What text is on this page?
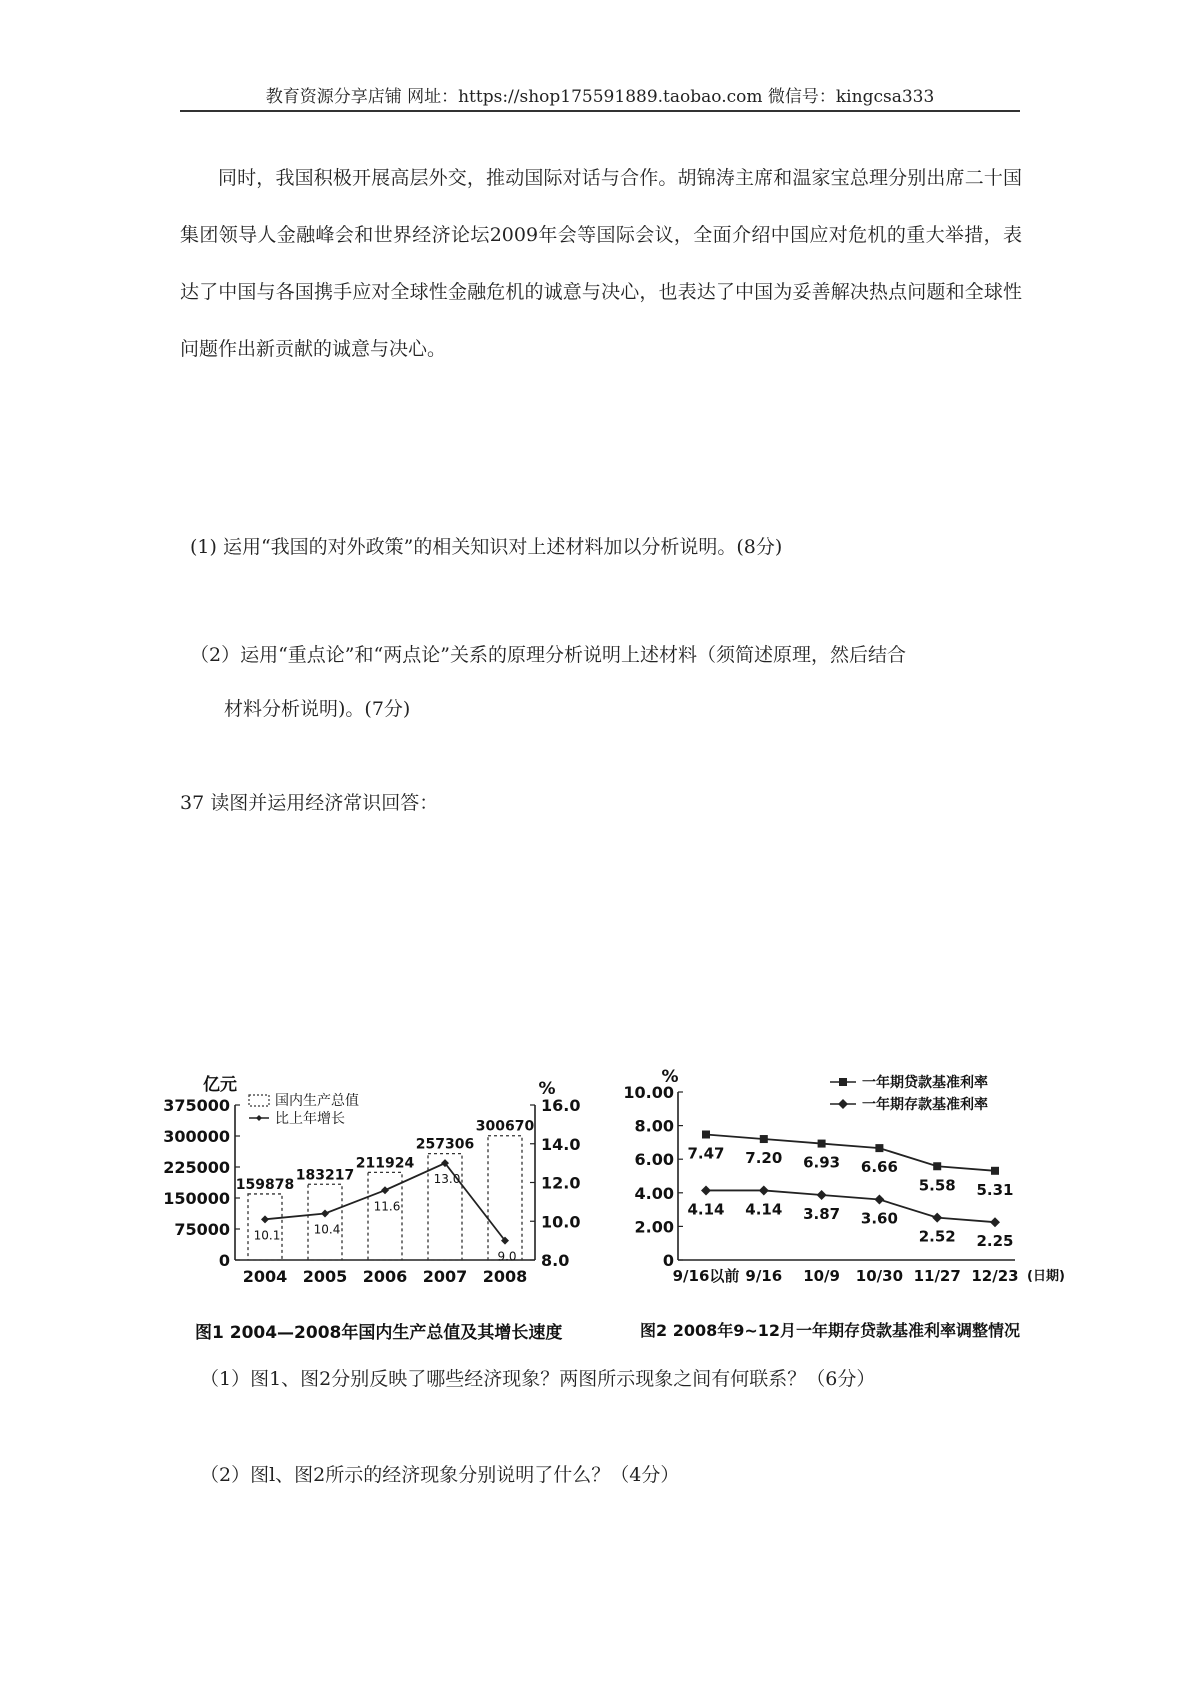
教育资源分享店铺 网址：https://shop175591889.taobao.com 微信号：kingcsa333
同时，我国积极开展高层外交，推动国际对话与合作。胡锦涛主席和温家宝总理分别出席二十国集团领导人金融峰会和世界经济论坛2009年会等国际会议，全面介绍中国应对危机的重大举措，表达了中国与各国携手应对全球性金融危机的诚意与决心，也表达了中国为妥善解决热点问题和全球性问题作出新贡献的诚意与决心。
(1) 运用“我国的对外政策”的相关知识对上述材料加以分析说明。(8分)
（2）运用“重点论”和“两点论”关系的原理分析说明上述材料（须简述原理，然后结合
材料分析说明)。(7分)
37 读图并运用经济常识回答：
亿元	%
0
75000
150000
225000
300000
375000
8.0
10.0
12.0
14.0
16.0
159878
2004
183217
2005
211924
2006
257306
2007
300670
2008
10.1	10.4
11.6
13.0
9.0
国内生产总值
比上年增长
%
0
2.00
4.00
6.00
8.00
10.00
9/16以前 9/16 10/9 10/30 11/27 12/23 (日期)
7.47 7.20 6.93 6.66
5.58 5.31
4.14 4.14 3.87 3.60
2.52 2.25
一年期贷款基准利率
一年期存款基准利率
图1 2004—2008年国内生产总值及其增长速度	图2 2008年9~12月一年期存贷款基准利率调整情况
（1）图1、图2分别反映了哪些经济现象？两图所示现象之间有何联系？（6分）
（2）图l、图2所示的经济现象分别说明了什么？（4分）
